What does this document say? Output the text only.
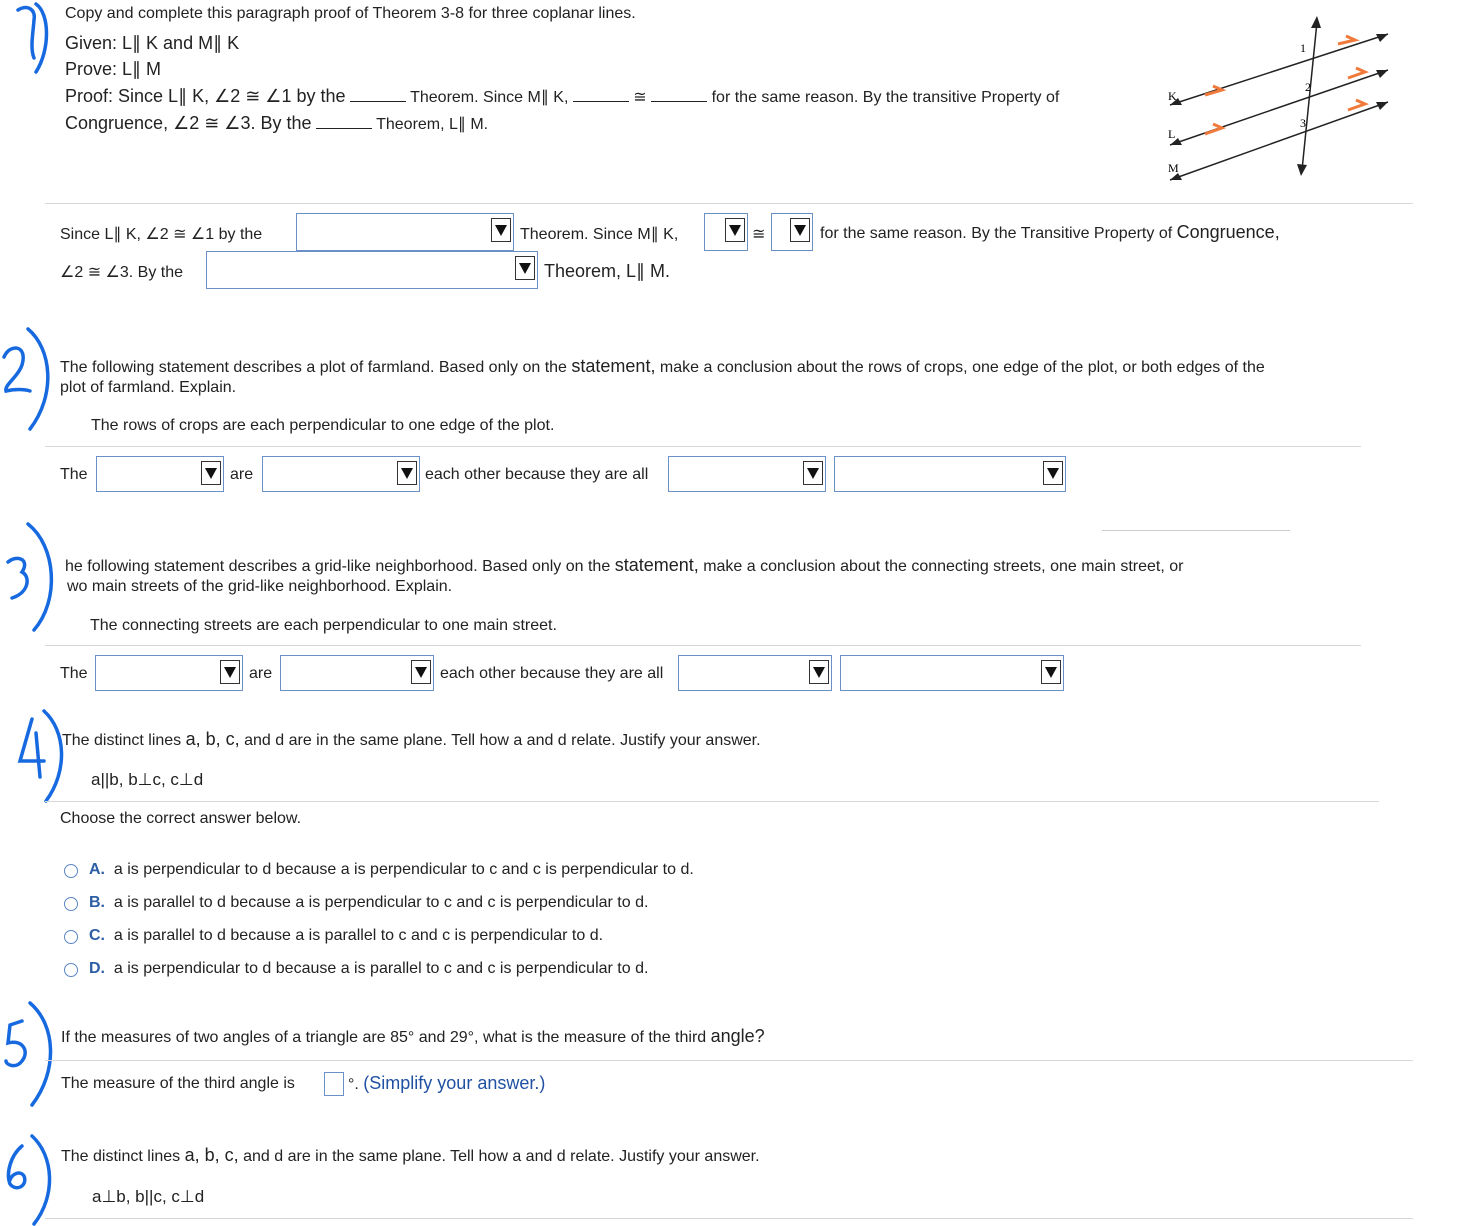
Copy and complete this paragraph proof of Theorem 3-8 for three coplanar lines.
Given: L∥ K and M∥ K
Prove: L∥ M
Proof: Since L∥ K, ∠2 ≅ ∠1 by the	Theorem. Since M∥ K,	≅	for the same reason. By the transitive Property of
Congruence, ∠2 ≅ ∠3. By the	Theorem, L∥ M.
K
L
M
1
2
3
Since L∥ K, ∠2 ≅ ∠1 by the	Theorem. Since M∥ K,	≅	for the same reason. By the Transitive Property of Congruence,
∠2 ≅ ∠3. By the	Theorem, L∥ M.
The following statement describes a plot of farmland. Based only on the statement, make a conclusion about the rows of crops, one edge of the plot, or both edges of the
plot of farmland. Explain.
The rows of crops are each perpendicular to one edge of the plot.
The	are	each other because they are all
he following statement describes a grid-like neighborhood. Based only on the statement, make a conclusion about the connecting streets, one main street, or
wo main streets of the grid-like neighborhood. Explain.
The connecting streets are each perpendicular to one main street.
The	are	each other because they are all
The distinct lines a, b, c, and d are in the same plane. Tell how a and d relate. Justify your answer.
a||b, b⊥c, c⊥d
Choose the correct answer below.
A. a is perpendicular to d because a is perpendicular to c and c is perpendicular to d.
B. a is parallel to d because a is perpendicular to c and c is perpendicular to d.
C. a is parallel to d because a is parallel to c and c is perpendicular to d.
D. a is perpendicular to d because a is parallel to c and c is perpendicular to d.
If the measures of two angles of a triangle are 85° and 29°, what is the measure of the third angle?
The measure of the third angle is	°. (Simplify your answer.)
The distinct lines a, b, c, and d are in the same plane. Tell how a and d relate. Justify your answer.
a⊥b, b||c, c⊥d
